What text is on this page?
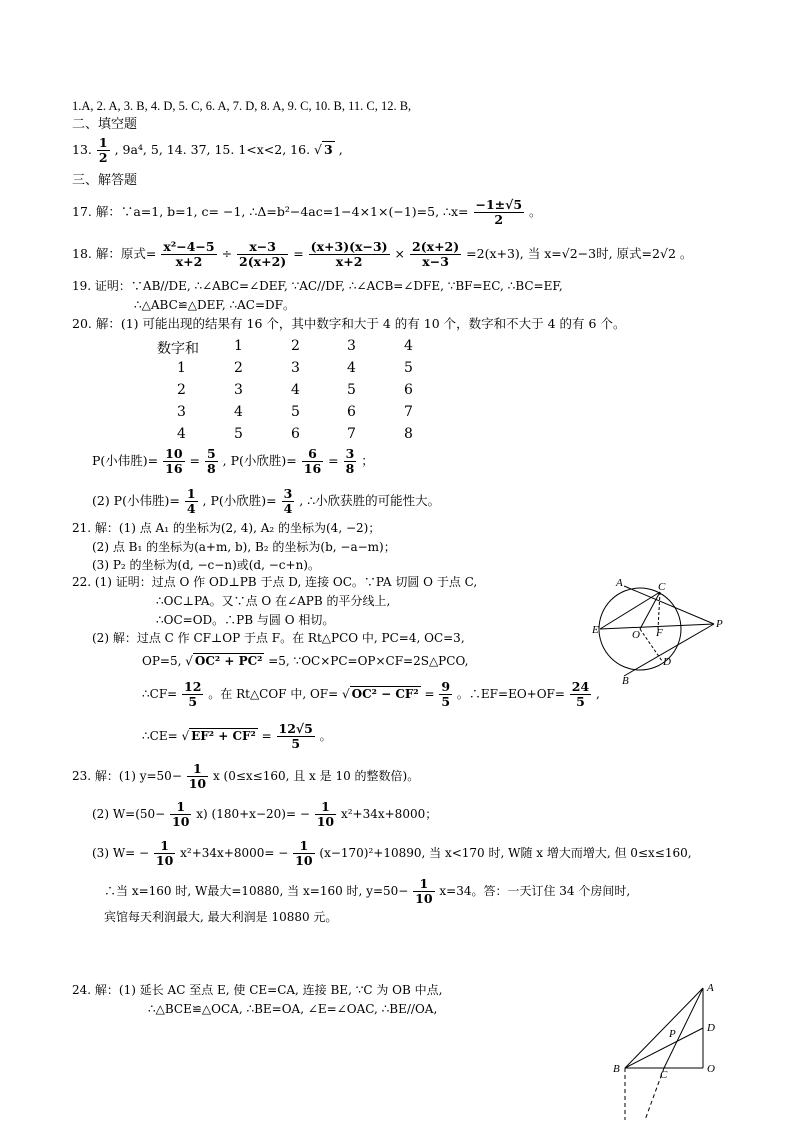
1.A, 2. A, 3. B, 4. D, 5. C, 6. A, 7. D, 8. A, 9. C, 10. B, 11. C, 12. B,
二、填空题
13. $\frac{1}{2}$ , 9a⁴, 5, 14. 37, 15. 1<x<2, 16. √ 3 ,
三、解答题
17. 解：∵a=1, b=1, c= −1, ∴Δ=b²−4ac=1−4×1×(−1)=5, ∴x= $\frac{-1\pm√5}{2}$ 。
18. 解：原式= $\frac{\text{x²−4−5}}{x+2} \div \frac{x-3}{2(x+2)} = \frac{(x+3)(x-3)}{x+2} \times \frac{2(x+2)}{x-3} =2(x+3)$, 当 x=√2−3时, 原式=2√2 。
19. 证明：∵AB//DE, ∴∠ABC=∠DEF, ∵AC//DF, ∴∠ACB=∠DFE, ∵BF=EC, ∴BC=EF,
∴△ABC≌△DEF, ∴AC=DF。
20. 解：(1) 可能出现的结果有 16 个，其中数字和大于 4 的有 10 个，数字和不大于 4 的有 6 个。
数字和	1	2	3	4
1	2	3	4	5
2	3	4	5	6
3	4	5	6	7
4	5	6	7	8
P(小伟胜)= $\frac{10}{16} = \frac{5}{8}$ , P(小欣胜)= $\frac{6}{16} = \frac{3}{8}$ ；
(2) P(小伟胜)= $\frac{1}{4}$ , P(小欣胜)= $\frac{3}{4}$ , ∴小欣获胜的可能性大。
21. 解：(1) 点 A₁ 的坐标为(2, 4), A₂ 的坐标为(4, −2)；
(2) 点 B₁ 的坐标为(a+m, b), B₂ 的坐标为(b, −a−m)；
(3) P₂ 的坐标为(d, −c−n)或(d, −c+n)。
22. (1) 证明：过点 O 作 OD⊥PB 于点 D, 连接 OC。∵PA 切圆 O 于点 C,
∴OC⊥PA。又∵点 O 在∠APB 的平分线上,
∴OC=OD。∴PB 与圆 O 相切。
(2) 解：过点 C 作 CF⊥OP 于点 F。在 Rt△PCO 中, PC=4, OC=3,
OP=5, √ OC² + PC² =5, ∵OC×PC=OP×CF=2S△PCO,
∴CF= $\frac{12}{5}$ 。在 Rt△COF 中, OF= √ $OC^2 - CF^2 = \frac{9}{5}$ 。∴EF=EO+OF= $\frac{24}{5}$ ,
∴CE= √ $EF^2 + CF^2 = \frac{12√5}{5}$ 。
23. 解：(1) $y=50- \frac{1}{10}$ x (0≤x≤160, 且 x 是 10 的整数倍)。
(2) $W=(50- \frac{1}{10} x)$ $(180+x-20)= - \frac{1}{10} x^2+34x+8000$；
(3) $W= - \frac{1}{10} x^2+34x+8000= - \frac{1}{10} (x-170)^2+10890$, 当 x<170 时, W随 x 增大而增大, 但 0≤x≤160,
∴当 x=160 时, W最大=10880, 当 x=160 时, $y=50- \frac{1}{10} x=34$。答：一天订住 34 个房间时,
宾馆每天利润最大, 最大利润是 10880 元。
24. 解：(1) 延长 AC 至点 E, 使 CE=CA, 连接 BE, ∵C 为 OB 中点,
∴△BCE≌△OCA, ∴BE=OA, ∠E=∠OAC, ∴BE//OA,
A	C
E	O F
P
D
B
A
D
P
B	C	O
